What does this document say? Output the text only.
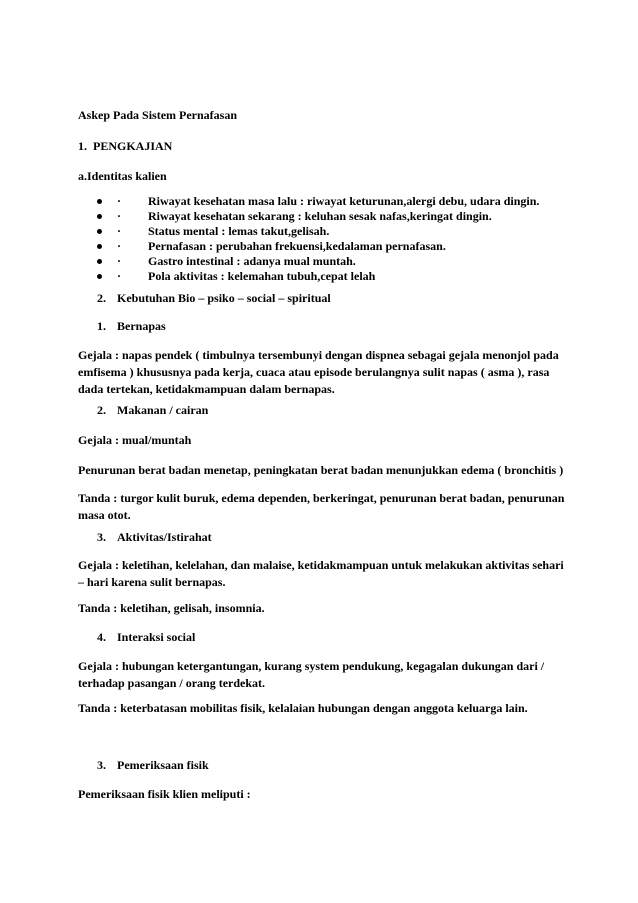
Askep Pada Sistem Pernafasan
1. PENGKAJIAN
a.Identitas kalien
· Riwayat kesehatan masa lalu : riwayat keturunan,alergi debu, udara dingin.
· Riwayat kesehatan sekarang : keluhan sesak nafas,keringat dingin.
· Status mental : lemas takut,gelisah.
· Pernafasan : perubahan frekuensi,kedalaman pernafasan.
· Gastro intestinal : adanya mual muntah.
· Pola aktivitas : kelemahan tubuh,cepat lelah
2. Kebutuhan Bio – psiko – social – spiritual
1. Bernapas
Gejala : napas pendek ( timbulnya tersembunyi dengan dispnea sebagai gejala menonjol pada
emfisema ) khususnya pada kerja, cuaca atau episode berulangnya sulit napas ( asma ), rasa
dada tertekan, ketidakmampuan dalam bernapas.
2. Makanan / cairan
Gejala : mual/muntah
Penurunan berat badan menetap, peningkatan berat badan menunjukkan edema ( bronchitis )
Tanda : turgor kulit buruk, edema dependen, berkeringat, penurunan berat badan, penurunan
masa otot.
3. Aktivitas/Istirahat
Gejala : keletihan, kelelahan, dan malaise, ketidakmampuan untuk melakukan aktivitas sehari
– hari karena sulit bernapas.
Tanda : keletihan, gelisah, insomnia.
4. Interaksi social
Gejala : hubungan ketergantungan, kurang system pendukung, kegagalan dukungan dari /
terhadap pasangan / orang terdekat.
Tanda : keterbatasan mobilitas fisik, kelalaian hubungan dengan anggota keluarga lain.
3. Pemeriksaan fisik
Pemeriksaan fisik klien meliputi :
